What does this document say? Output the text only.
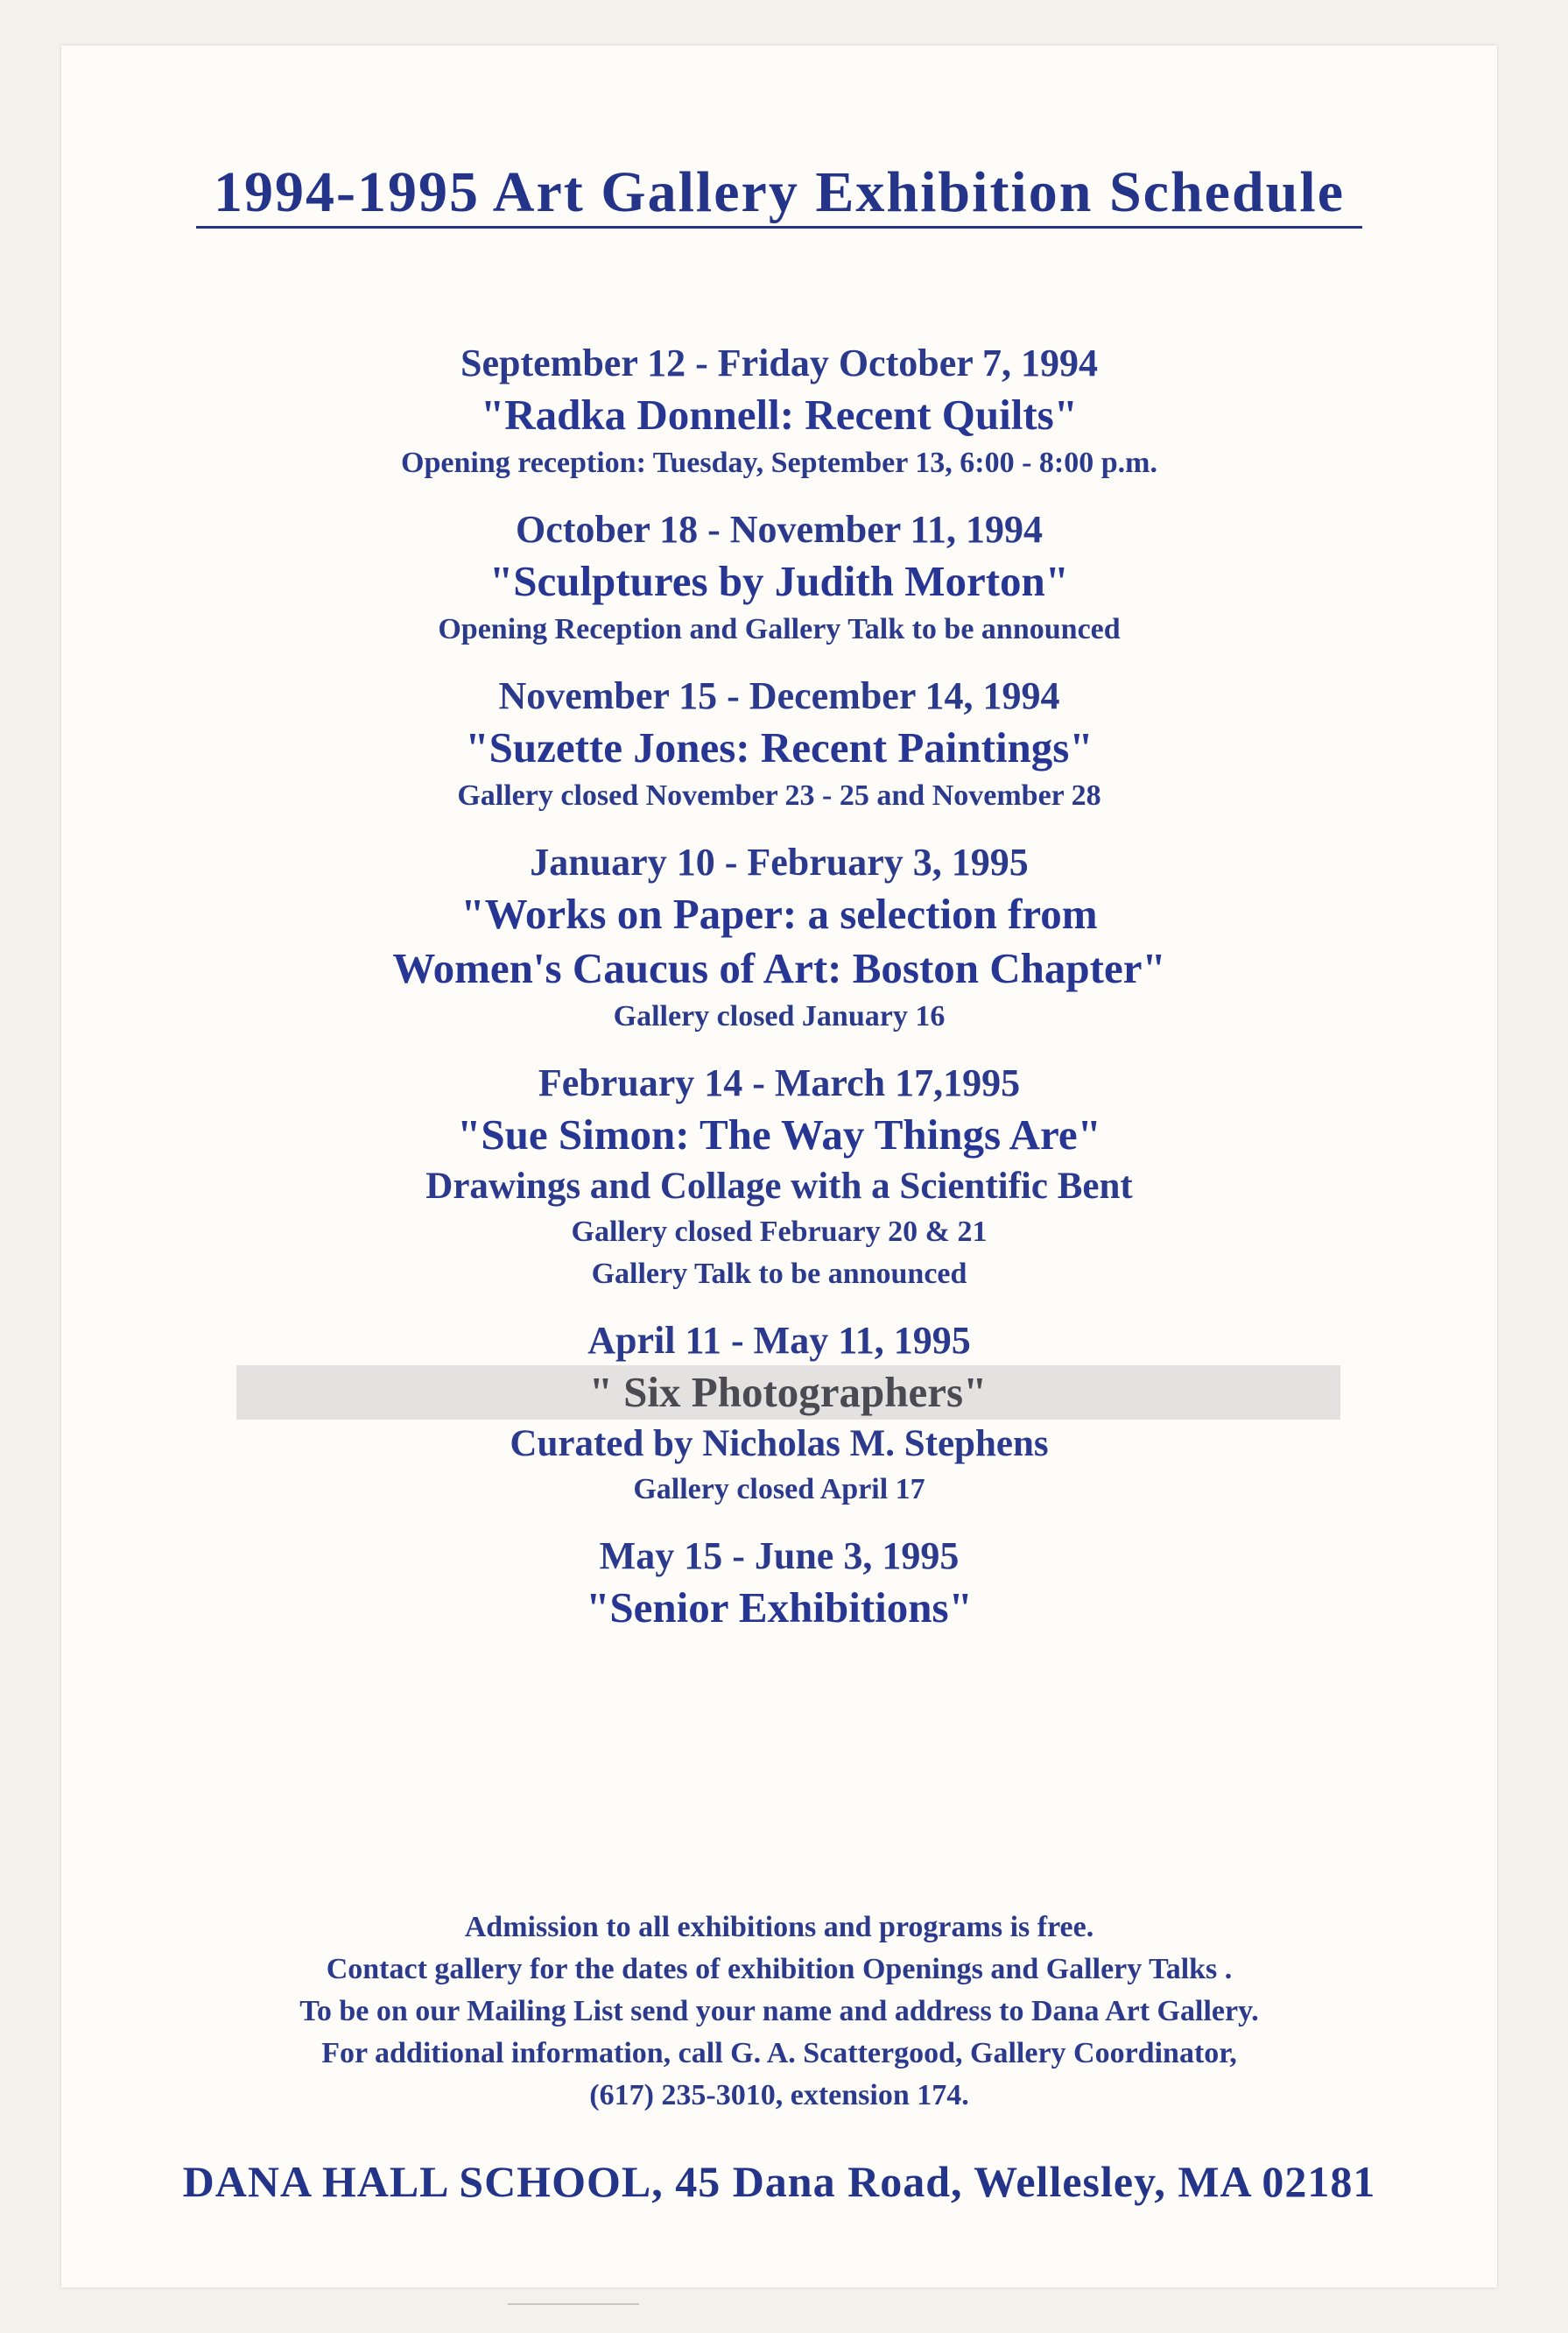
1994-1995 Art Gallery Exhibition Schedule
September 12 - Friday October 7, 1994
"Radka Donnell: Recent Quilts"
Opening reception: Tuesday, September 13, 6:00 - 8:00 p.m.
October 18 - November 11, 1994
"Sculptures by Judith Morton"
Opening Reception and Gallery Talk to be announced
November 15 - December 14, 1994
"Suzette Jones: Recent Paintings"
Gallery closed November 23 - 25 and November 28
January 10 - February 3, 1995
"Works on Paper: a selection from
Women's Caucus of Art: Boston Chapter"
Gallery closed January 16
February 14 - March 17,1995
"Sue Simon: The Way Things Are"
Drawings and Collage with a Scientific Bent
Gallery closed February 20 & 21
Gallery Talk to be announced
April 11 - May 11, 1995
" Six Photographers"
Curated by Nicholas M. Stephens
Gallery closed April 17
May 15 - June 3, 1995
"Senior Exhibitions"
Admission to all exhibitions and programs is free.
Contact gallery for the dates of exhibition Openings and Gallery Talks .
To be on our Mailing List send your name and address to Dana Art Gallery.
For additional information, call G. A. Scattergood, Gallery Coordinator,
(617) 235-3010, extension 174.
DANA HALL SCHOOL, 45 Dana Road, Wellesley, MA 02181
